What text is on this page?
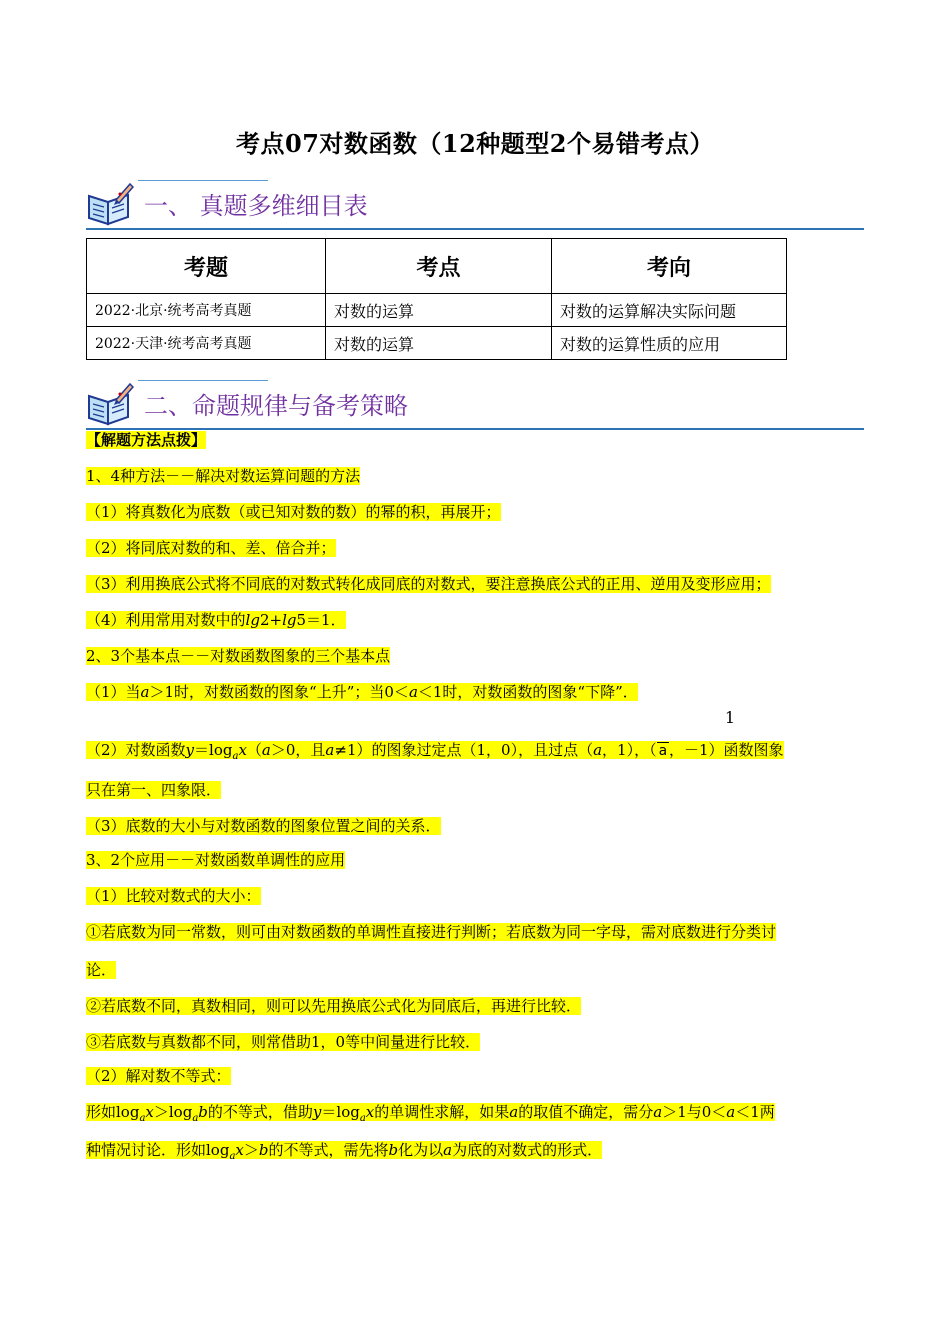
考点07对数函数（12种题型2个易错考点）
一、 真题多维细目表
考题	考点	考向
2022·北京·统考高考真题	对数的运算	对数的运算解决实际问题
2022·天津·统考高考真题	对数的运算	对数的运算性质的应用
二、命题规律与备考策略
【解题方法点拨】
1、4种方法－－解决对数运算问题的方法
（1）将真数化为底数（或已知对数的数）的幂的积，再展开；
（2）将同底对数的和、差、倍合并；
（3）利用换底公式将不同底的对数式转化成同底的对数式，要注意换底公式的正用、逆用及变形应用；
（4）利用常用对数中的lg2+lg5＝1．
2、3个基本点－－对数函数图象的三个基本点
（1）当a＞1时，对数函数的图象“上升”；当0＜a＜1时，对数函数的图象“下降”．
1
（2）对数函数$y=\log_ax(a>0$，且a≠1）的图象过定点（1，0），且过点（a，1），（ a ，－1）函数图象
只在第一、四象限．
（3）底数的大小与对数函数的图象位置之间的关系．
3、2个应用－－对数函数单调性的应用
（1）比较对数式的大小：
①若底数为同一常数，则可由对数函数的单调性直接进行判断；若底数为同一字母，需对底数进行分类讨
论．
②若底数不同，真数相同，则可以先用换底公式化为同底后，再进行比较．
③若底数与真数都不同，则常借助1，0等中间量进行比较．
（2）解对数不等式：
形如$\log_ax>\log_ab$的不等式，借助$y=\log_ax$的单调性求解，如果a的取值不确定，需分a＞1与0＜a＜1两
种情况讨论．形如$\log_ax>b$的不等式，需先将b化为以a为底的对数式的形式．
